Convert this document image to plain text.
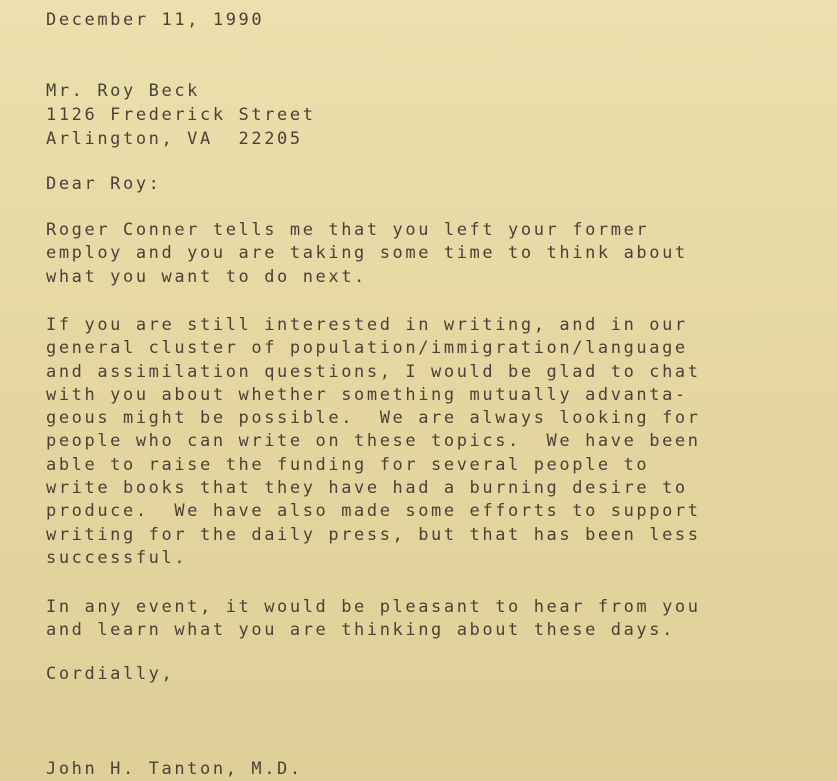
December 11, 1990

Mr. Roy Beck

1126 Frederick Street

Arlington, VA  22205

Dear Roy:

Roger Conner tells me that you left your former
employ and you are taking some time to think about
what you want to do next.
If you are still interested in writing, and in our
general cluster of population/immigration/language
and assimilation questions, I would be glad to chat
with you about whether something mutually advanta-
geous might be possible.  We are always looking for
people who can write on these topics.  We have been
able to raise the funding for several people to
write books that they have had a burning desire to
produce.  We have also made some efforts to support
writing for the daily press, but that has been less
successful.
In any event, it would be pleasant to hear from you
and learn what you are thinking about these days.

Cordially,

John H. Tanton, M.D.
